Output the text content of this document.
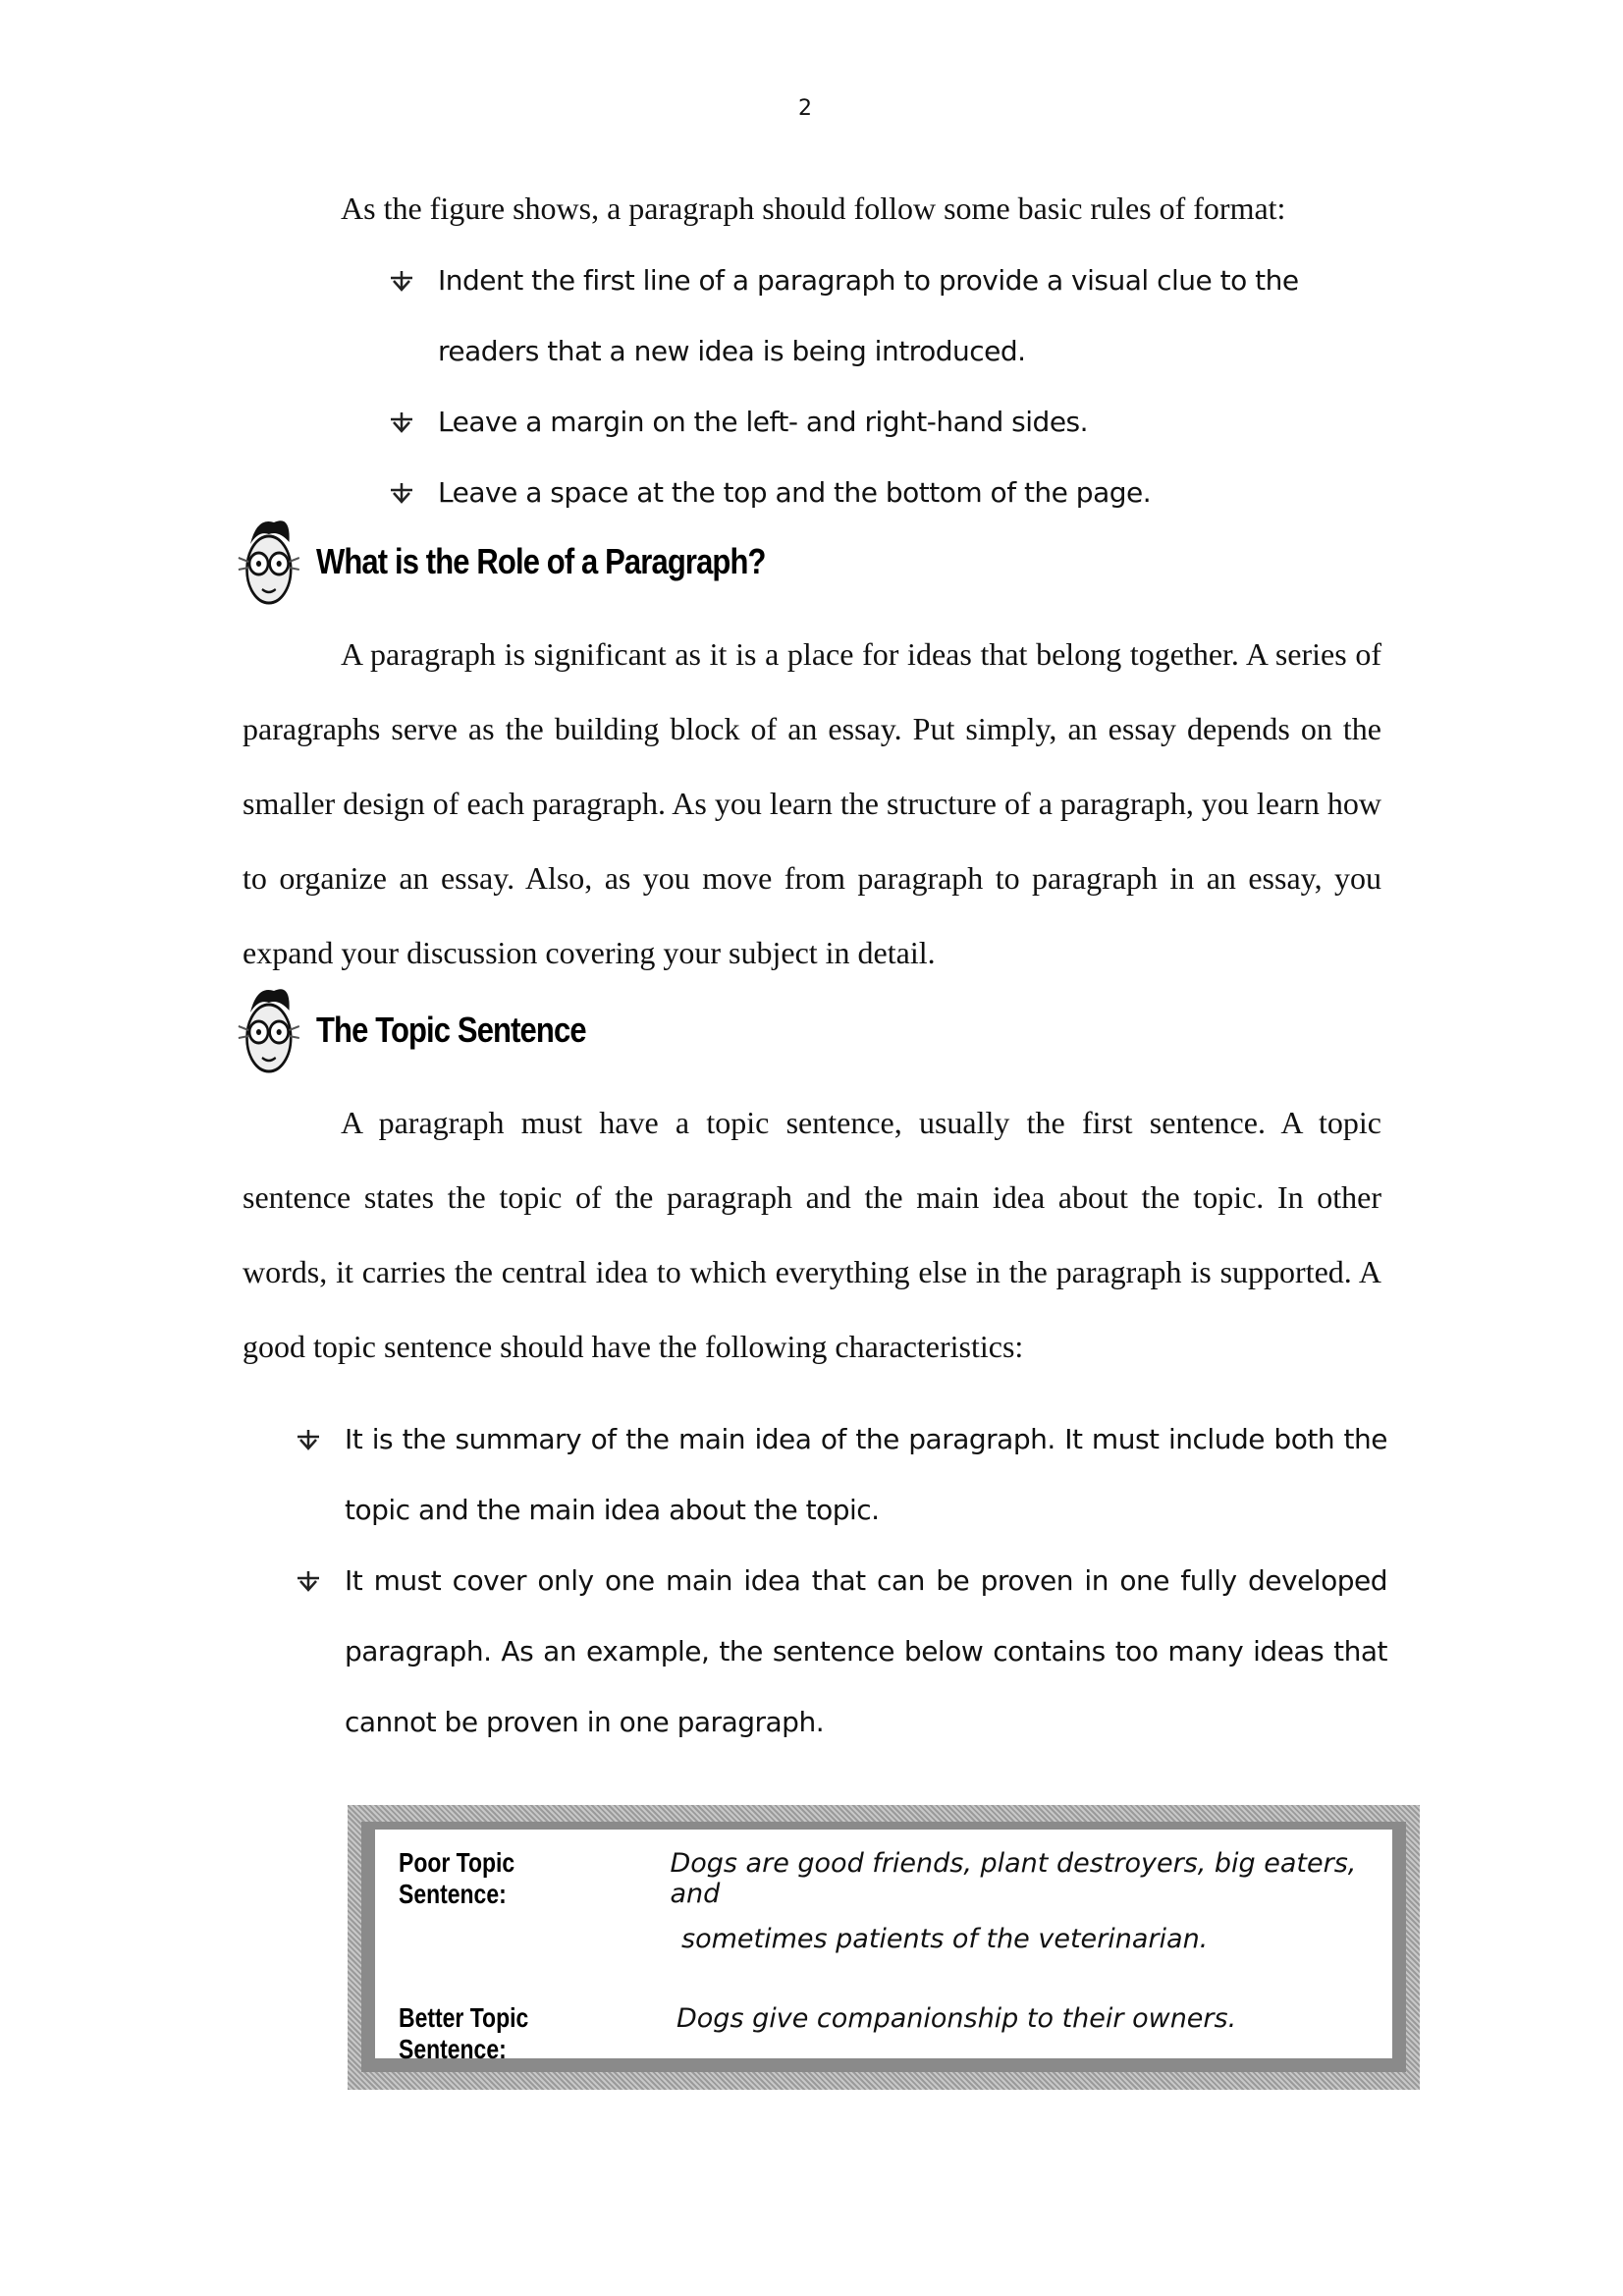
2
As the figure shows, a paragraph should follow some basic rules of format:
Indent the first line of a paragraph to provide a visual clue to the readers that a new idea is being introduced.
Leave a margin on the left- and right-hand sides.
Leave a space at the top and the bottom of the page.
What is the Role of a Paragraph?

A paragraph is significant as it is a place for ideas that belong together. A series of paragraphs serve as the building block of an essay. Put simply, an essay depends on the smaller design of each paragraph. As you learn the structure of a paragraph, you learn how to organize an essay. Also, as you move from paragraph to paragraph in an essay, you expand your discussion covering your subject in detail.

The Topic Sentence

A paragraph must have a topic sentence, usually the first sentence. A topic sentence states the topic of the paragraph and the main idea about the topic. In other words, it carries the central idea to which everything else in the paragraph is supported. A good topic sentence should have the following characteristics:

It is the summary of the main idea of the paragraph. It must include both the topic and the main idea about the topic.
It must cover only one main idea that can be proven in one fully developed paragraph. As an example, the sentence below contains too many ideas that cannot be proven in one paragraph.
Poor Topic Sentence:
Dogs are good friends, plant destroyers, big eaters, and
sometimes patients of the veterinarian.
Better Topic Sentence:
Dogs give companionship to their owners.
